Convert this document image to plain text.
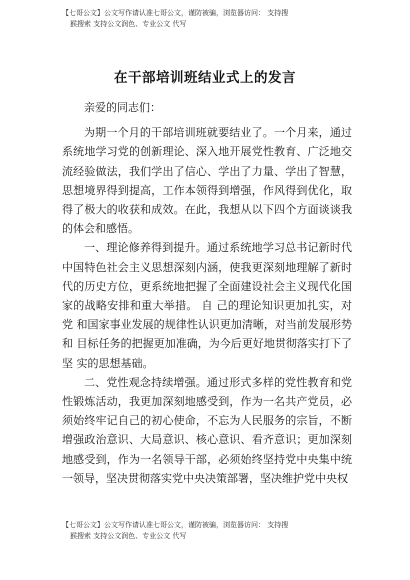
【七哥公文】公文写作请认准七哥公文，谨防被骗，浏览器访问： 支持搜
猴搜索 支持公文润色、专业公文 代写
在干部培训班结业式上的发言

亲爱的同志们：

为期一个月的干部培训班就要结业了。一个月来，通过系统地学习党的创新理论、深入地开展党性教育、广泛地交流经验做法，我们学出了信心、学出了力量、学出了智慧，思想境界得到提高，工作本领得到增强，作风得到优化，取得了极大的收获和成效。在此，我想从以下四个方面谈谈我的体会和感悟。

一、理论修养得到提升。通过系统地学习总书记新时代中国特色社会主义思想深刻内涵，使我更深刻地理解了新时代的历史方位，更系统地把握了全面建设社会主义现代化国家的战略安排和重大举措。 自 己的理论知识更加扎实，对党 和国家事业发展的规律性认识更加清晰，对当前发展形势和 目标任务的把握更加准确，为今后更好地贯彻落实打下了坚 实的思想基础。

二、党性观念持续增强。通过形式多样的党性教育和党性锻炼活动，我更加深刻地感受到，作为一名共产党员，必须始终牢记自己的初心使命，不忘为人民服务的宗旨，不断增强政治意识、大局意识、核心意识、看齐意识；更加深刻地感受到，作为一名领导干部，必须始终坚持党中央集中统一领导，坚决贯彻落实党中央决策部署，坚决维护党中央权

【七哥公文】公文写作请认准七哥公文，谨防被骗，浏览器访问： 支持搜
猴搜索 支持公文润色、专业公文 代写
